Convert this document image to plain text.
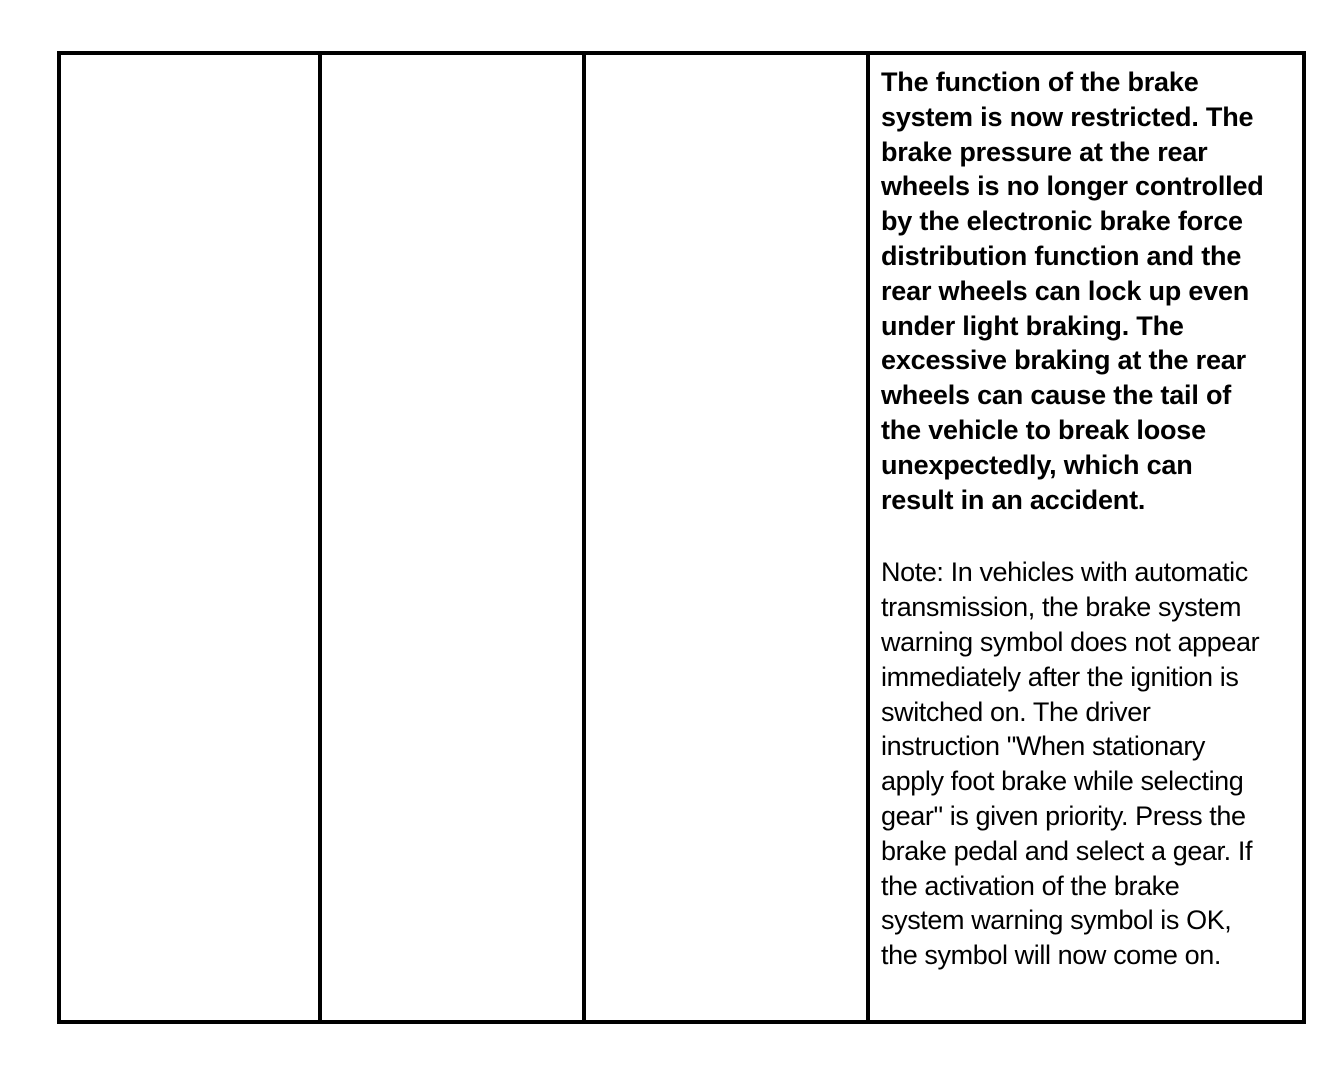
The function of the brake
system is now restricted. The
brake pressure at the rear
wheels is no longer controlled
by the electronic brake force
distribution function and the
rear wheels can lock up even
under light braking. The
excessive braking at the rear
wheels can cause the tail of
the vehicle to break loose
unexpectedly, which can
result in an accident.

Note: In vehicles with automatic
transmission, the brake system
warning symbol does not appear
immediately after the ignition is
switched on. The driver
instruction "When stationary
apply foot brake while selecting
gear" is given priority. Press the
brake pedal and select a gear. If
the activation of the brake
system warning symbol is OK,
the symbol will now come on.
